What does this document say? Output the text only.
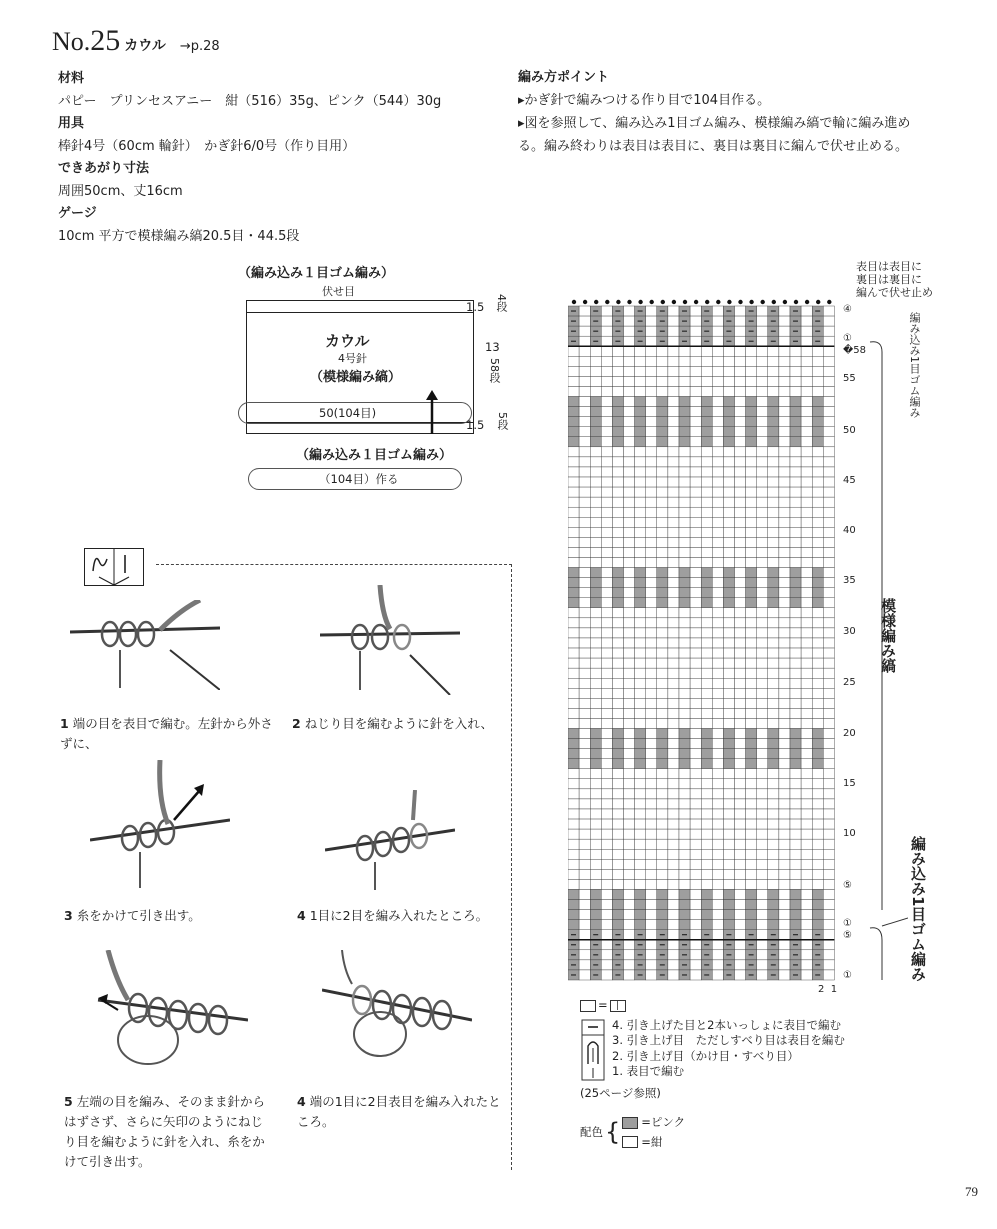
No.25 カウル →p.28
材料
パピー　プリンセスアニー　紺（516）35g、ピンク（544）30g
用具
棒針4号（60cm 輪針）　かぎ針6/0号（作り目用）
できあがり寸法
周囲50cm、丈16cm
ゲージ
10cm 平方で模様編み縞20.5目・44.5段
編み方ポイント
▸かぎ針で編みつける作り目で104目作る。
▸図を参照して、編み込み1目ゴム編み、模様編み縞で輪に編み進め
る。編み終わりは表目は表目に、裏目は裏目に編んで伏せ止める。
（編み込み１目ゴム編み）
伏せ目
カウル
4号針
（模様編み縞）
50(104目)
（編み込み１目ゴム編み）
（104目）作る
1.5 4段
13
58段
1.5 5段
1 端の目を表目で編む。左針から外さずに、
2 ねじり目を編むように針を入れ、
3 糸をかけて引き出す。	4 1目に2目を編み入れたところ。
5 左端の目を編み、そのまま針からはずさず、さらに矢印のようにねじり目を編むように針を入れ、糸をかけて引き出す。
4 端の1目に2目表目を編み入れたところ。
表目は表目に
裏目は裏目に
編んで伏せ止め
④
①
�58
55
50
45
40
35
30
25
20
15
10
⑤
①
⑤
①
2  1
編み込み1目ゴム編み
模様編み縞
編み込み1目ゴム編み
= |
4. 引き上げた目と2本いっしょに表目で編む
3. 引き上げ目　ただしすべり目は表目を編む
2. 引き上げ目（かけ目・すべり目）
1. 表目で編む
(25ページ参照)
配色 { =ピンク
=紺
79
